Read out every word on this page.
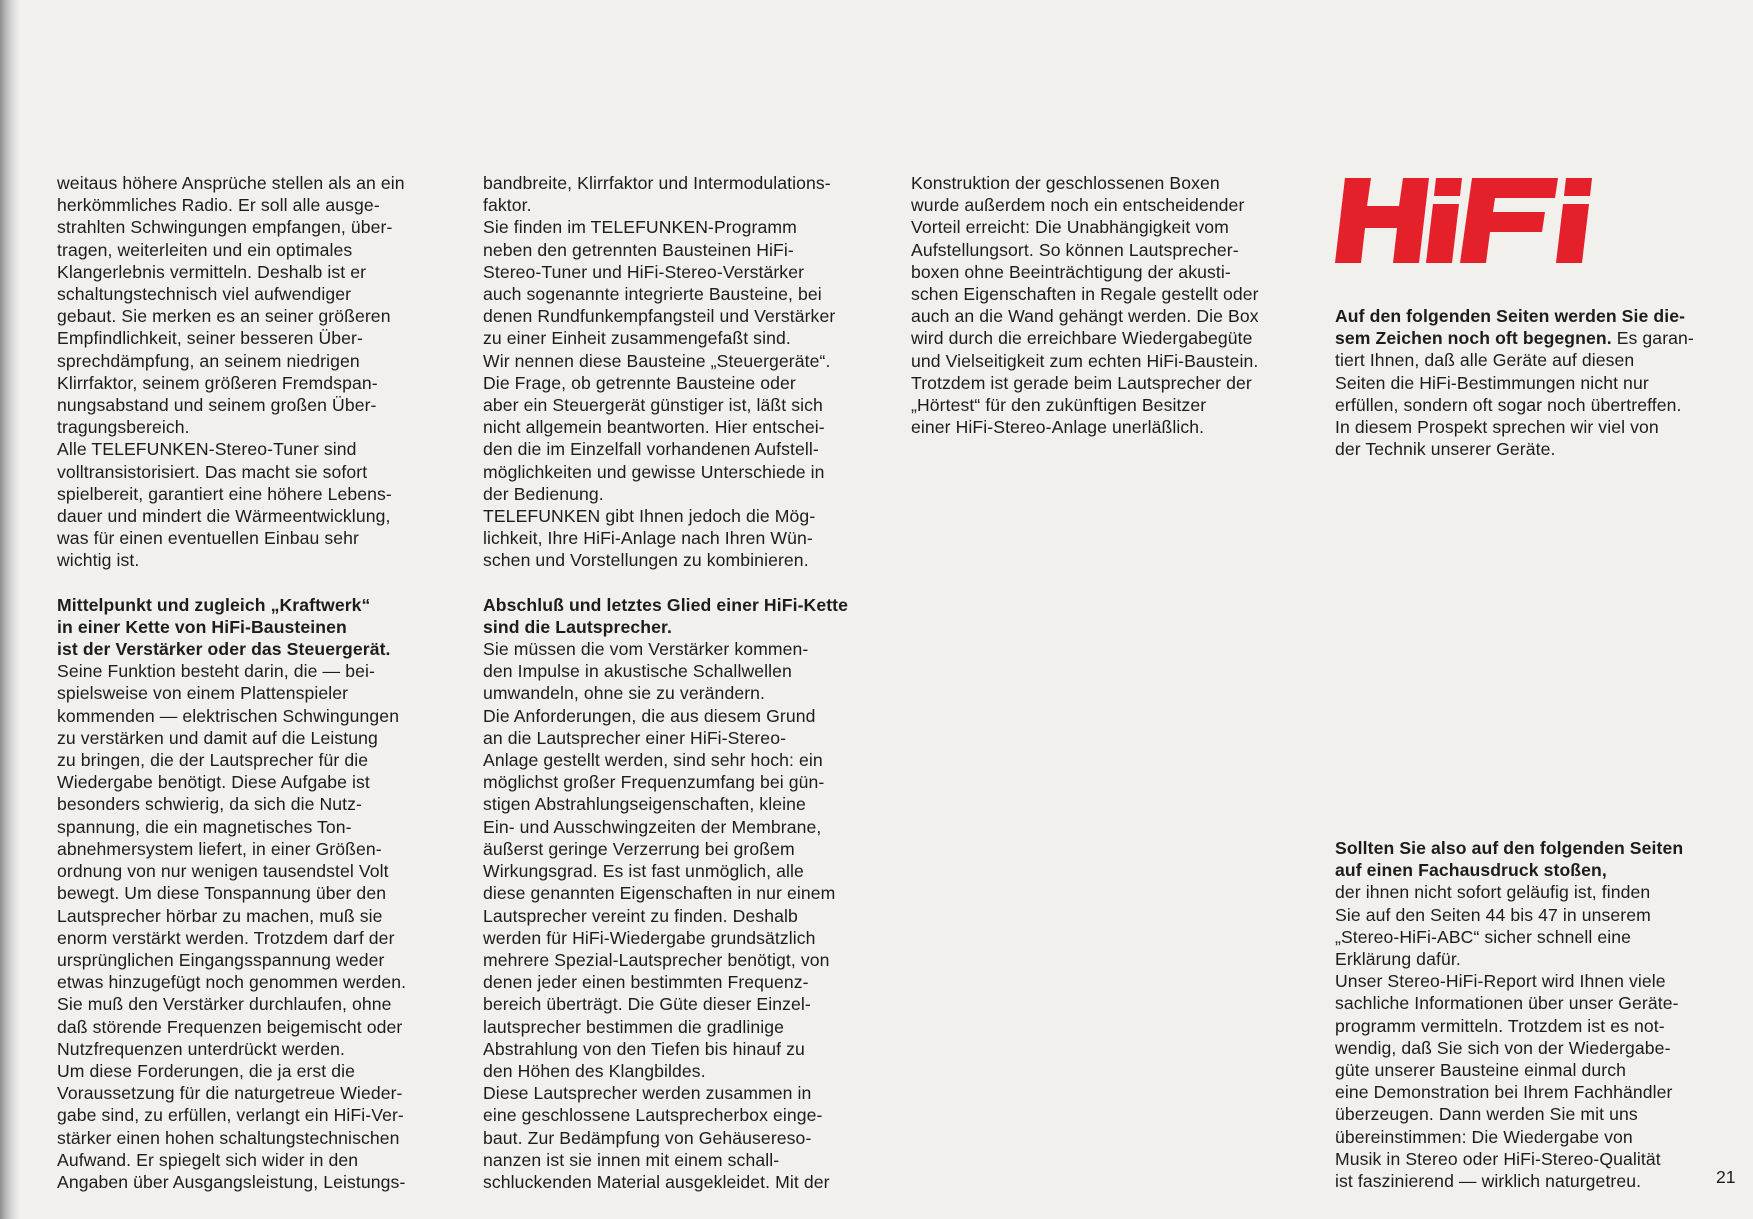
weitaus höhere Ansprüche stellen als an ein

herkömmliches Radio. Er soll alle ausge-

strahlten Schwingungen empfangen, über-

tragen, weiterleiten und ein optimales

Klangerlebnis vermitteln. Deshalb ist er

schaltungstechnisch viel aufwendiger

gebaut. Sie merken es an seiner größeren

Empfindlichkeit, seiner besseren Über-

sprechdämpfung, an seinem niedrigen

Klirrfaktor, seinem größeren Fremdspan-

nungsabstand und seinem großen Über-

tragungsbereich.

Alle TELEFUNKEN-Stereo-Tuner sind

volltransistorisiert. Das macht sie sofort

spielbereit, garantiert eine höhere Lebens-

dauer und mindert die Wärmeentwicklung,

was für einen eventuellen Einbau sehr

wichtig ist.

Mittelpunkt und zugleich „Kraftwerk“

in einer Kette von HiFi-Bausteinen

ist der Verstärker oder das Steuergerät.

Seine Funktion besteht darin, die — bei-

spielsweise von einem Plattenspieler

kommenden — elektrischen Schwingungen

zu verstärken und damit auf die Leistung

zu bringen, die der Lautsprecher für die

Wiedergabe benötigt. Diese Aufgabe ist

besonders schwierig, da sich die Nutz-

spannung, die ein magnetisches Ton-

abnehmersystem liefert, in einer Größen-

ordnung von nur wenigen tausendstel Volt

bewegt. Um diese Tonspannung über den

Lautsprecher hörbar zu machen, muß sie

enorm verstärkt werden. Trotzdem darf der

ursprünglichen Eingangsspannung weder

etwas hinzugefügt noch genommen werden.

Sie muß den Verstärker durchlaufen, ohne

daß störende Frequenzen beigemischt oder

Nutzfrequenzen unterdrückt werden.

Um diese Forderungen, die ja erst die

Voraussetzung für die naturgetreue Wieder-

gabe sind, zu erfüllen, verlangt ein HiFi-Ver-

stärker einen hohen schaltungstechnischen

Aufwand. Er spiegelt sich wider in den

Angaben über Ausgangsleistung, Leistungs-

bandbreite, Klirrfaktor und Intermodulations-

faktor.

Sie finden im TELEFUNKEN-Programm

neben den getrennten Bausteinen HiFi-

Stereo-Tuner und HiFi-Stereo-Verstärker

auch sogenannte integrierte Bausteine, bei

denen Rundfunkempfangsteil und Verstärker

zu einer Einheit zusammengefaßt sind.

Wir nennen diese Bausteine „Steuergeräte“.

Die Frage, ob getrennte Bausteine oder

aber ein Steuergerät günstiger ist, läßt sich

nicht allgemein beantworten. Hier entschei-

den die im Einzelfall vorhandenen Aufstell-

möglichkeiten und gewisse Unterschiede in

der Bedienung.

TELEFUNKEN gibt Ihnen jedoch die Mög-

lichkeit, Ihre HiFi-Anlage nach Ihren Wün-

schen und Vorstellungen zu kombinieren.

Abschluß und letztes Glied einer HiFi-Kette

sind die Lautsprecher.

Sie müssen die vom Verstärker kommen-

den Impulse in akustische Schallwellen

umwandeln, ohne sie zu verändern.

Die Anforderungen, die aus diesem Grund

an die Lautsprecher einer HiFi-Stereo-

Anlage gestellt werden, sind sehr hoch: ein

möglichst großer Frequenzumfang bei gün-

stigen Abstrahlungseigenschaften, kleine

Ein- und Ausschwingzeiten der Membrane,

äußerst geringe Verzerrung bei großem

Wirkungsgrad. Es ist fast unmöglich, alle

diese genannten Eigenschaften in nur einem

Lautsprecher vereint zu finden. Deshalb

werden für HiFi-Wiedergabe grundsätzlich

mehrere Spezial-Lautsprecher benötigt, von

denen jeder einen bestimmten Frequenz-

bereich überträgt. Die Güte dieser Einzel-

lautsprecher bestimmen die gradlinige

Abstrahlung von den Tiefen bis hinauf zu

den Höhen des Klangbildes.

Diese Lautsprecher werden zusammen in

eine geschlossene Lautsprecherbox einge-

baut. Zur Bedämpfung von Gehäusereso-

nanzen ist sie innen mit einem schall-

schluckenden Material ausgekleidet. Mit der

Konstruktion der geschlossenen Boxen

wurde außerdem noch ein entscheidender

Vorteil erreicht: Die Unabhängigkeit vom

Aufstellungsort. So können Lautsprecher-

boxen ohne Beeinträchtigung der akusti-

schen Eigenschaften in Regale gestellt oder

auch an die Wand gehängt werden. Die Box

wird durch die erreichbare Wiedergabegüte

und Vielseitigkeit zum echten HiFi-Baustein.

Trotzdem ist gerade beim Lautsprecher der

„Hörtest“ für den zukünftigen Besitzer

einer HiFi-Stereo-Anlage unerläßlich.

Auf den folgenden Seiten werden Sie die-

sem Zeichen noch oft begegnen. Es garan-

tiert Ihnen, daß alle Geräte auf diesen

Seiten die HiFi-Bestimmungen nicht nur

erfüllen, sondern oft sogar noch übertreffen.

In diesem Prospekt sprechen wir viel von

der Technik unserer Geräte.

Sollten Sie also auf den folgenden Seiten

auf einen Fachausdruck stoßen,

der ihnen nicht sofort geläufig ist, finden

Sie auf den Seiten 44 bis 47 in unserem

„Stereo-HiFi-ABC“ sicher schnell eine

Erklärung dafür.

Unser Stereo-HiFi-Report wird Ihnen viele

sachliche Informationen über unser Geräte-

programm vermitteln. Trotzdem ist es not-

wendig, daß Sie sich von der Wiedergabe-

güte unserer Bausteine einmal durch

eine Demonstration bei Ihrem Fachhändler

überzeugen. Dann werden Sie mit uns

übereinstimmen: Die Wiedergabe von

Musik in Stereo oder HiFi-Stereo-Qualität

ist faszinierend — wirklich naturgetreu.	21
